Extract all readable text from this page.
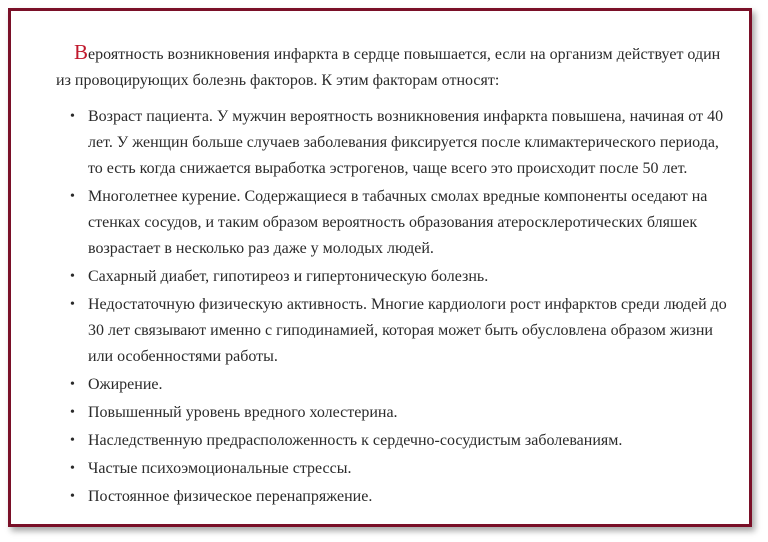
Вероятность возникновения инфаркта в сердце повышается, если на организм действует один из провоцирующих болезнь факторов. К этим факторам относят:

• Возраст пациента. У мужчин вероятность возникновения инфаркта повышена, начиная от 40 лет. У женщин больше случаев заболевания фиксируется после климактерического периода, то есть когда снижается выработка эстрогенов, чаще всего это происходит после 50 лет.
• Многолетнее курение. Содержащиеся в табачных смолах вредные компоненты оседают на стенках сосудов, и таким образом вероятность образования атеросклеротических бляшек возрастает в несколько раз даже у молодых людей.
• Сахарный диабет, гипотиреоз и гипертоническую болезнь.
• Недостаточную физическую активность. Многие кардиологи рост инфарктов среди людей до 30 лет связывают именно с гиподинамией, которая может быть обусловлена образом жизни или особенностями работы.
• Ожирение.
• Повышенный уровень вредного холестерина.
• Наследственную предрасположенность к сердечно-сосудистым заболеваниям.
• Частые психоэмоциональные стрессы.
• Постоянное физическое перенапряжение.
